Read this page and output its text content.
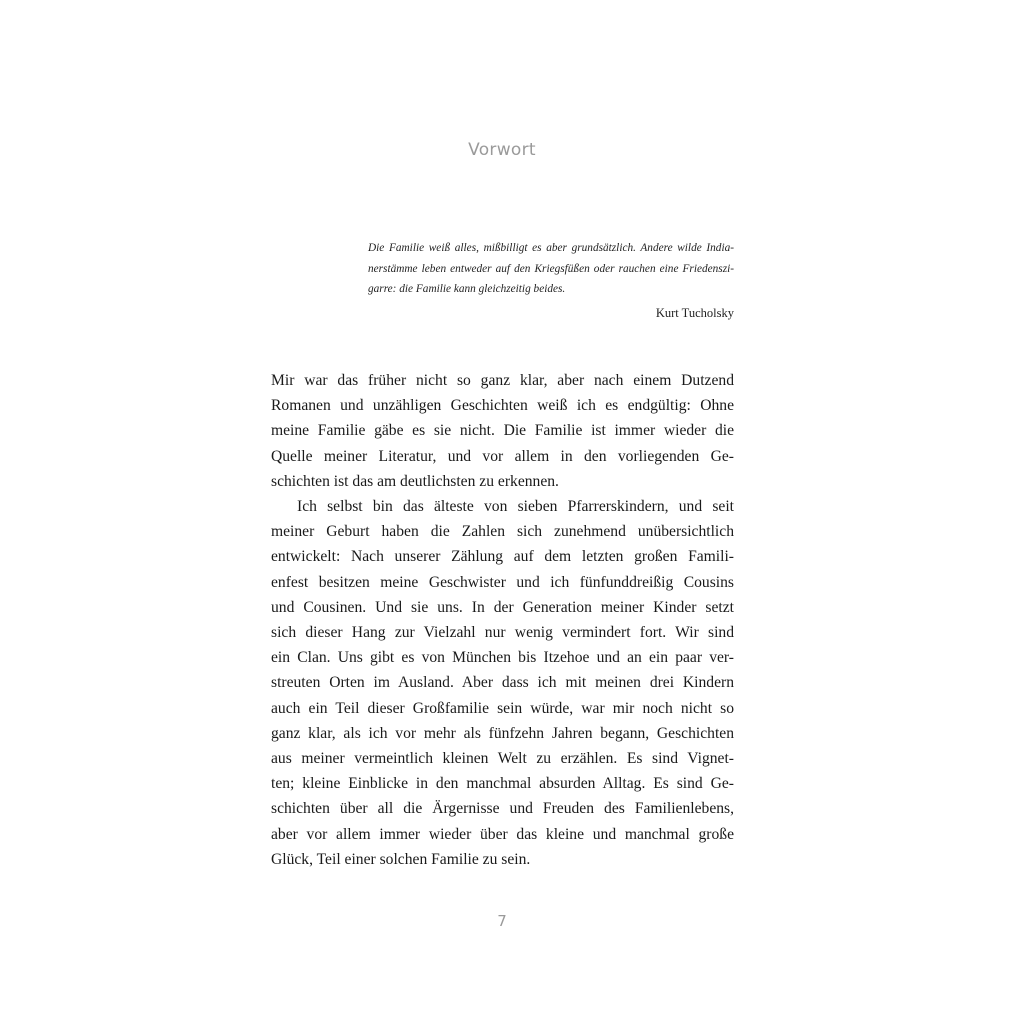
Vorwort
Die Familie weiß alles, mißbilligt es aber grundsätzlich. Andere wilde India-
nerstämme leben entweder auf den Kriegsfüßen oder rauchen eine Friedenszi-
garre: die Familie kann gleichzeitig beides.
Kurt Tucholsky
Mir war das früher nicht so ganz klar, aber nach einem Dutzend
Romanen und unzähligen Geschichten weiß ich es endgültig: Ohne
meine Familie gäbe es sie nicht. Die Familie ist immer wieder die
Quelle meiner Literatur, und vor allem in den vorliegenden Ge-
schichten ist das am deutlichsten zu erkennen.
Ich selbst bin das älteste von sieben Pfarrerskindern, und seit
meiner Geburt haben die Zahlen sich zunehmend unübersichtlich
entwickelt: Nach unserer Zählung auf dem letzten großen Famili-
enfest besitzen meine Geschwister und ich fünfunddreißig Cousins
und Cousinen. Und sie uns. In der Generation meiner Kinder setzt
sich dieser Hang zur Vielzahl nur wenig vermindert fort. Wir sind
ein Clan. Uns gibt es von München bis Itzehoe und an ein paar ver-
streuten Orten im Ausland. Aber dass ich mit meinen drei Kindern
auch ein Teil dieser Großfamilie sein würde, war mir noch nicht so
ganz klar, als ich vor mehr als fünfzehn Jahren begann, Geschichten
aus meiner vermeintlich kleinen Welt zu erzählen. Es sind Vignet-
ten; kleine Einblicke in den manchmal absurden Alltag. Es sind Ge-
schichten über all die Ärgernisse und Freuden des Familienlebens,
aber vor allem immer wieder über das kleine und manchmal große
Glück, Teil einer solchen Familie zu sein.
7
